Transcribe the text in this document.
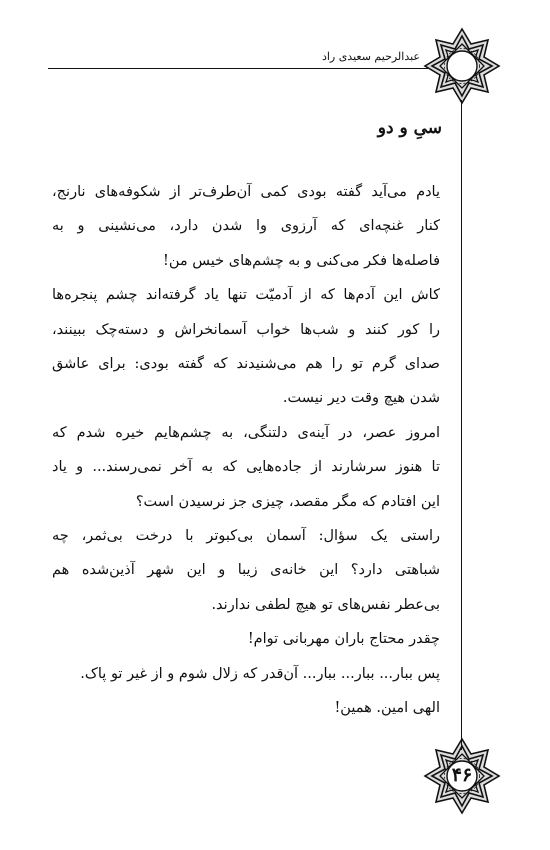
عبدالرحیم سعیدی راد
۴۶
سیِ و دو
یادم می‌آید گفته بودی کمی آن‌طرف‌تر از شکوفه‌های نارنج،
کنار غنچه‌ای که آرزوی وا شدن دارد، می‌نشینی و به
فاصله‌ها فکر می‌کنی و به چشم‌های خیس من!
کاش این آدم‌ها که از آدمیّت تنها یاد گرفته‌اند چشم پنجره‌ها
را کور کنند و شب‌ها خواب آسمانخراش و دسته‌چک ببینند،
صدای گرم تو را هم می‌شنیدند که گفته بودی: برای عاشق
شدن هیچ وقت دیر نیست.
امروز عصر، در آینه‌ی دلتنگی، به چشم‌هایم خیره شدم که
تا هنوز سرشارند از جاده‌هایی که به آخر نمی‌رسند... و یاد
این افتادم که مگر مقصد، چیزی جز نرسیدن است؟
راستی یک سؤال: آسمان بی‌کبوتر با درخت بی‌ثمر، چه
شباهتی دارد؟ این خانه‌ی زیبا و این شهر آذین‌شده هم
بی‌عطر نفس‌های تو هیچ لطفی ندارند.
چقدر محتاج باران مهربانی توام!
پس ببار... ببار... ببار... آن‌قدر که زلال شوم و از غیر تو پاک.
الهی امین. همین!
